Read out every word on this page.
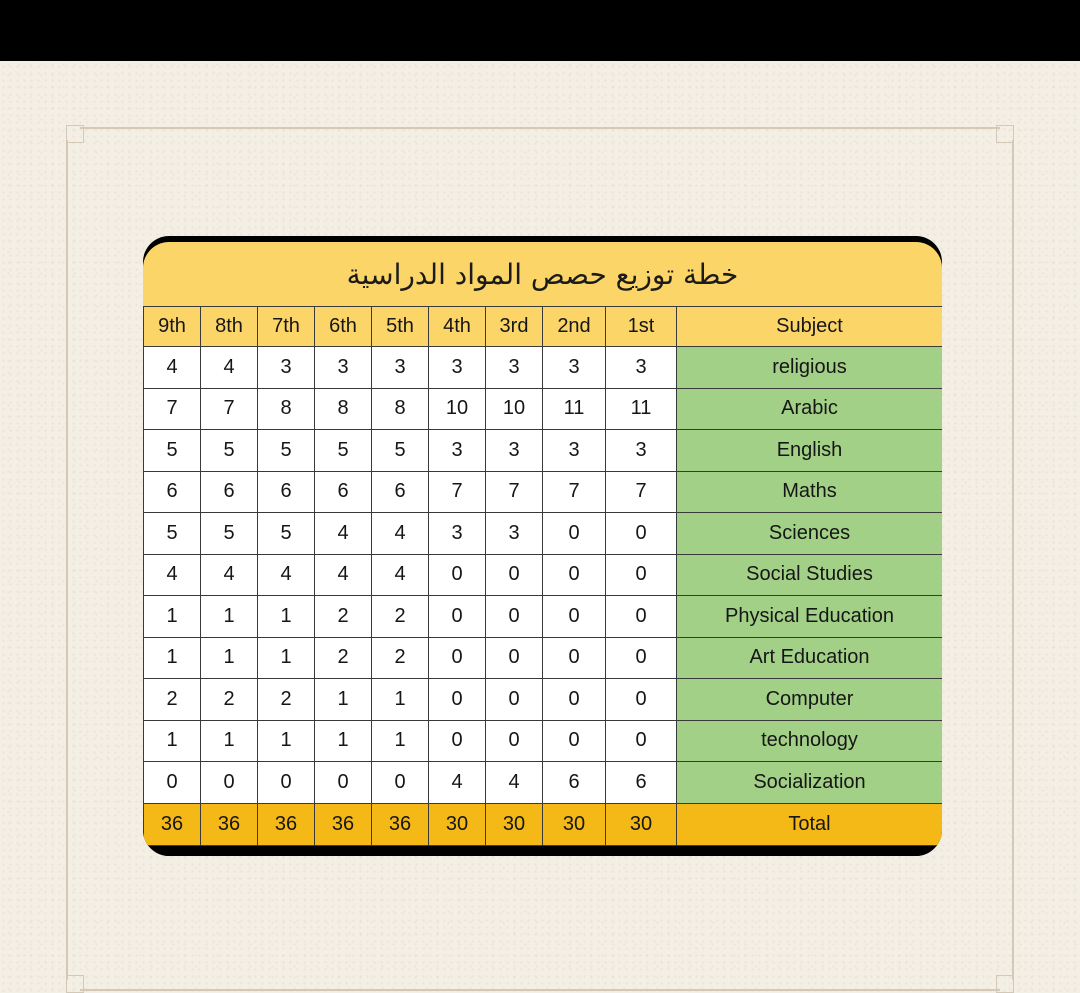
خطة توزيع حصص المواد الدراسية
9th	8th	7th	6th	5th	4th	3rd	2nd	1st	Subject
4	4	3	3	3	3	3	3	3	religious
7	7	8	8	8	10	10	11	11	Arabic
5	5	5	5	5	3	3	3	3	English
6	6	6	6	6	7	7	7	7	Maths
5	5	5	4	4	3	3	0	0	Sciences
4	4	4	4	4	0	0	0	0	Social Studies
1	1	1	2	2	0	0	0	0	Physical Education
1	1	1	2	2	0	0	0	0	Art Education
2	2	2	1	1	0	0	0	0	Computer
1	1	1	1	1	0	0	0	0	technology
0	0	0	0	0	4	4	6	6	Socialization
36	36	36	36	36	30	30	30	30	Total
